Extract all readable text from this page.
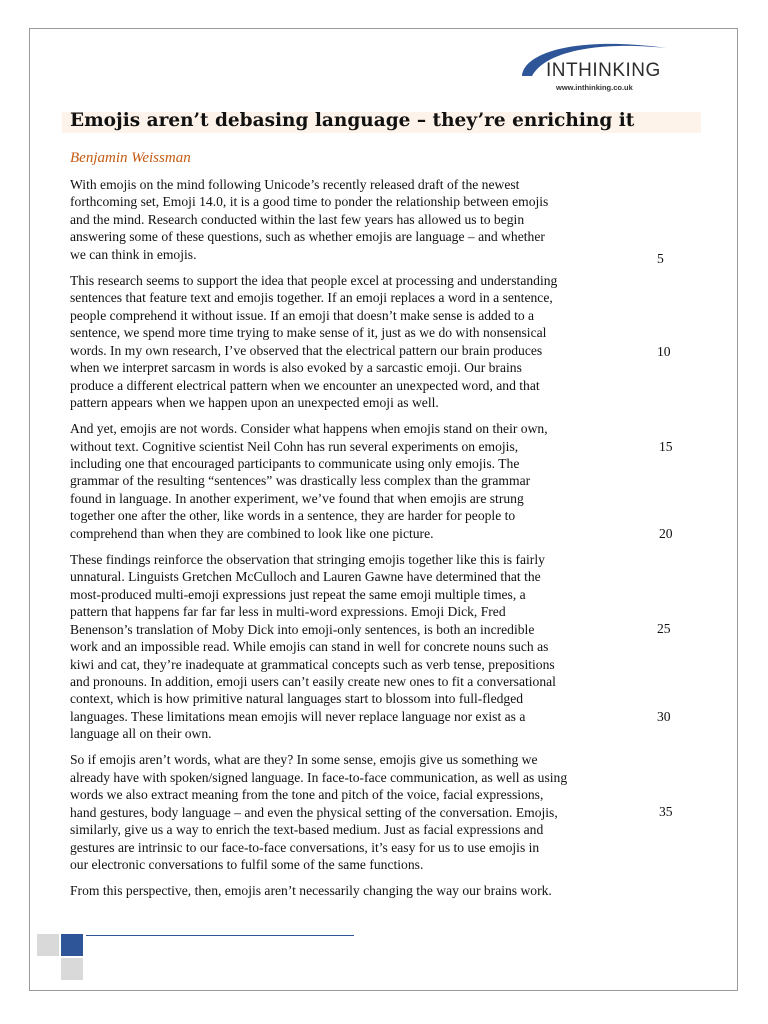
INTHINKING
www.inthinking.co.uk
Emojis aren’t debasing language – they’re enriching it

Benjamin Weissman

With emojis on the mind following Unicode’s recently released draft of the newest
forthcoming set, Emoji 14.0, it is a good time to ponder the relationship between emojis
and the mind. Research conducted within the last few years has allowed us to begin
answering some of these questions, such as whether emojis are language – and whether
we can think in emojis.

This research seems to support the idea that people excel at processing and understanding
sentences that feature text and emojis together. If an emoji replaces a word in a sentence,
people comprehend it without issue. If an emoji that doesn’t make sense is added to a
sentence, we spend more time trying to make sense of it, just as we do with nonsensical
words. In my own research, I’ve observed that the electrical pattern our brain produces
when we interpret sarcasm in words is also evoked by a sarcastic emoji. Our brains
produce a different electrical pattern when we encounter an unexpected word, and that
pattern appears when we happen upon an unexpected emoji as well.

And yet, emojis are not words. Consider what happens when emojis stand on their own,
without text. Cognitive scientist Neil Cohn has run several experiments on emojis,
including one that encouraged participants to communicate using only emojis. The
grammar of the resulting “sentences” was drastically less complex than the grammar
found in language. In another experiment, we’ve found that when emojis are strung
together one after the other, like words in a sentence, they are harder for people to
comprehend than when they are combined to look like one picture.

These findings reinforce the observation that stringing emojis together like this is fairly
unnatural. Linguists Gretchen McCulloch and Lauren Gawne have determined that the
most-produced multi-emoji expressions just repeat the same emoji multiple times, a
pattern that happens far far far less in multi-word expressions. Emoji Dick, Fred
Benenson’s translation of Moby Dick into emoji-only sentences, is both an incredible
work and an impossible read. While emojis can stand in well for concrete nouns such as
kiwi and cat, they’re inadequate at grammatical concepts such as verb tense, prepositions
and pronouns. In addition, emoji users can’t easily create new ones to fit a conversational
context, which is how primitive natural languages start to blossom into full-fledged
languages. These limitations mean emojis will never replace language nor exist as a
language all on their own.

So if emojis aren’t words, what are they? In some sense, emojis give us something we
already have with spoken/signed language. In face-to-face communication, as well as using
words we also extract meaning from the tone and pitch of the voice, facial expressions,
hand gestures, body language – and even the physical setting of the conversation. Emojis,
similarly, give us a way to enrich the text-based medium. Just as facial expressions and
gestures are intrinsic to our face-to-face conversations, it’s easy for us to use emojis in
our electronic conversations to fulfil some of the same functions.

From this perspective, then, emojis aren’t necessarily changing the way our brains work.

5
10
15
20
25
30
35
